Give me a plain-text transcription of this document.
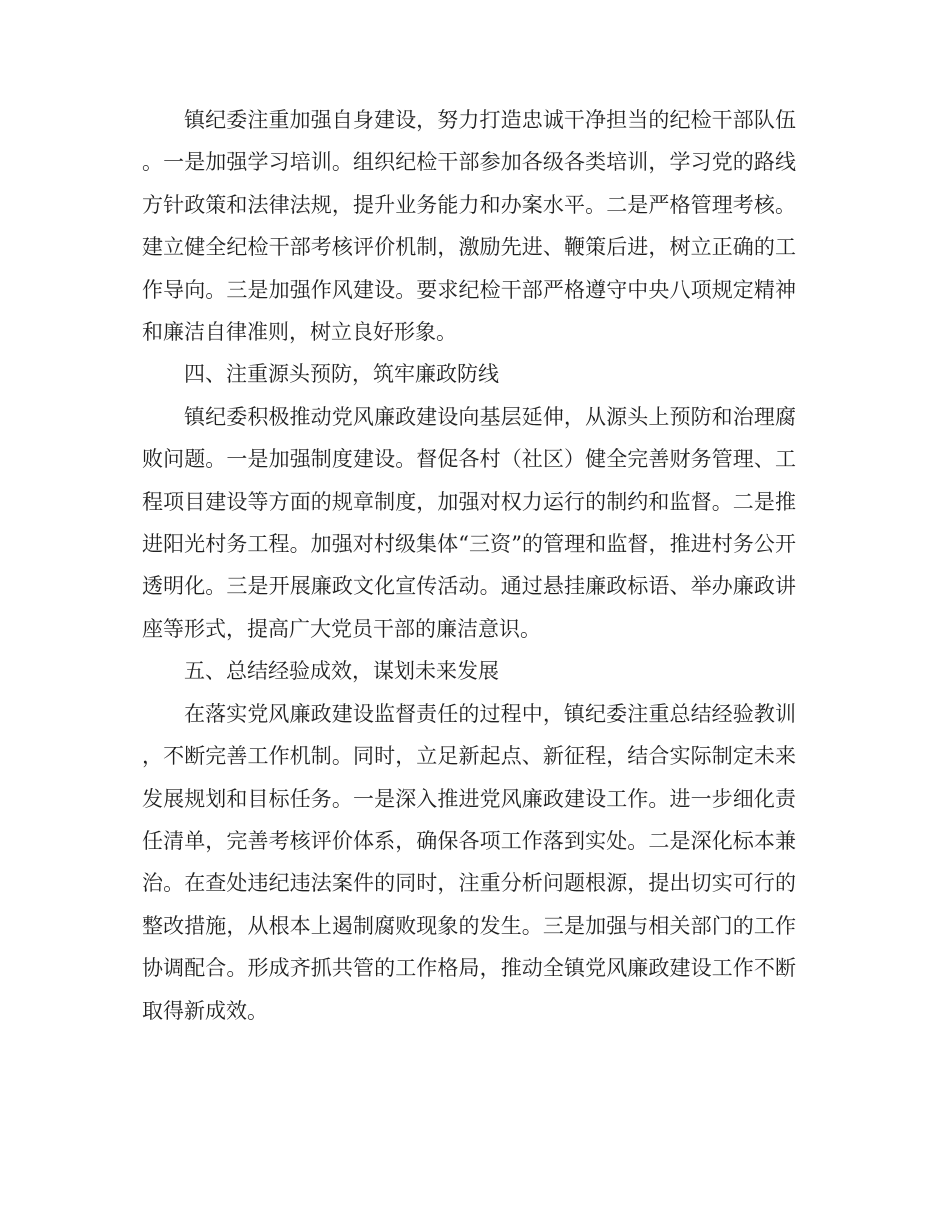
镇纪委注重加强自身建设，努力打造忠诚干净担当的纪检干部队伍。一是加强学习培训。组织纪检干部参加各级各类培训，学习党的路线方针政策和法律法规，提升业务能力和办案水平。二是严格管理考核。建立健全纪检干部考核评价机制，激励先进、鞭策后进，树立正确的工作导向。三是加强作风建设。要求纪检干部严格遵守中央八项规定精神和廉洁自律准则，树立良好形象。

四、注重源头预防，筑牢廉政防线

镇纪委积极推动党风廉政建设向基层延伸，从源头上预防和治理腐败问题。一是加强制度建设。督促各村（社区）健全完善财务管理、工程项目建设等方面的规章制度，加强对权力运行的制约和监督。二是推进阳光村务工程。加强对村级集体“三资”的管理和监督，推进村务公开透明化。三是开展廉政文化宣传活动。通过悬挂廉政标语、举办廉政讲座等形式，提高广大党员干部的廉洁意识。

五、总结经验成效，谋划未来发展

在落实党风廉政建设监督责任的过程中，镇纪委注重总结经验教训，不断完善工作机制。同时，立足新起点、新征程，结合实际制定未来发展规划和目标任务。一是深入推进党风廉政建设工作。进一步细化责任清单，完善考核评价体系，确保各项工作落到实处。二是深化标本兼治。在查处违纪违法案件的同时，注重分析问题根源，提出切实可行的整改措施，从根本上遏制腐败现象的发生。三是加强与相关部门的工作协调配合。形成齐抓共管的工作格局，推动全镇党风廉政建设工作不断取得新成效。
